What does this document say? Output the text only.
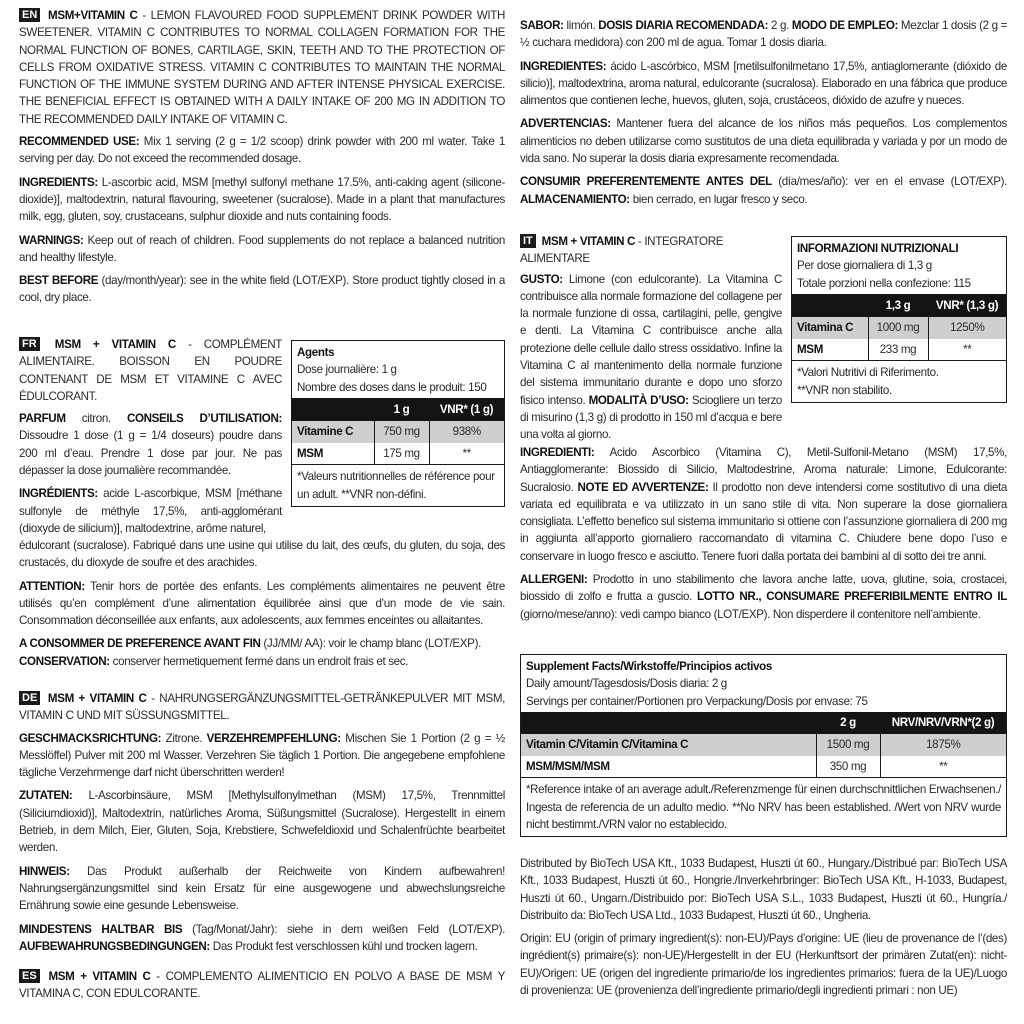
EN MSM+VITAMIN C - LEMON FLAVOURED FOOD SUPPLEMENT DRINK POWDER WITH SWEETENER. VITAMIN C CONTRIBUTES TO NORMAL COLLAGEN FORMATION FOR THE NORMAL FUNCTION OF BONES, CARTILAGE, SKIN, TEETH AND TO THE PROTECTION OF CELLS FROM OXIDATIVE STRESS. VITAMIN C CONTRIBUTES TO MAINTAIN THE NORMAL FUNCTION OF THE IMMUNE SYSTEM DURING AND AFTER INTENSE PHYSICAL EXERCISE. THE BENEFICIAL EFFECT IS OBTAINED WITH A DAILY INTAKE OF 200 MG IN ADDITION TO THE RECOMMENDED DAILY INTAKE OF VITAMIN C.

RECOMMENDED USE: Mix 1 serving (2 g = 1/2 scoop) drink powder with 200 ml water. Take 1 serving per day. Do not exceed the recommended dosage.

INGREDIENTS: L-ascorbic acid, MSM [methyl sulfonyl methane 17.5%, anti-caking agent (silicone-dioxide)], maltodextrin, natural flavouring, sweetener (sucralose). Made in a plant that manufactures milk, egg, gluten, soy, crustaceans, sulphur dioxide and nuts containing foods.

WARNINGS: Keep out of reach of children. Food supplements do not replace a balanced nutrition and healthy lifestyle.

BEST BEFORE (day/month/year): see in the white field (LOT/EXP). Store product tightly closed in a cool, dry place.

FR MSM + VITAMIN C - COMPLÉMENT ALIMENTAIRE. BOISSON EN POUDRE CONTENANT DE MSM ET VITAMINE C AVEC ÉDULCORANT.

PARFUM citron. CONSEILS D’UTILISATION: Dissoudre 1 dose (1 g = 1/4 doseurs) poudre dans 200 ml d’eau. Prendre 1 dose par jour. Ne pas dépasser la dose journalière recommandée.

INGRÉDIENTS: acide L-ascorbique, MSM [méthane sulfonyle de méthyle 17,5%, anti-agglomérant (dioxyde de silicium)], maltodextrine, arôme naturel,

Agents
Dose journalière: 1 g
Nombre des doses dans le produit: 150
	1 g	VNR* (1 g)
Vitamine C	750 mg	938%
MSM	175 mg	**
*Valeurs nutritionnelles de référence pour un adult. **VNR non-défini.

édulcorant (sucralose). Fabriqué dans une usine qui utilise du lait, des œufs, du gluten, du soja, des crustacés, du dioxyde de soufre et des arachides.

ATTENTION: Tenir hors de portée des enfants. Les compléments alimentaires ne peuvent être utilisés qu’en complément d’une alimentation équilibrée ainsi que d’un mode de vie sain. Consommation déconseillée aux enfants, aux adolescents, aux femmes enceintes ou allaitantes.

A CONSOMMER DE PREFERENCE AVANT FIN (JJ/MM/ AA): voir le champ blanc (LOT/EXP).
CONSERVATION: conserver hermetiquement fermé dans un endroit frais et sec.

DE MSM + VITAMIN C - NAHRUNGSERGÄNZUNGSMITTEL-GETRÄNKEPULVER MIT MSM, VITAMIN C UND MIT SÜSSUNGSMITTEL.

GESCHMACKSRICHTUNG: Zitrone. VERZEHREMPFEHLUNG: Mischen Sie 1 Portion (2 g = ½ Messlöffel) Pulver mit 200 ml Wasser. Verzehren Sie täglich 1 Portion. Die angegebene empfohlene tägliche Verzehrmenge darf nicht überschritten werden!

ZUTATEN: L-Ascorbinsäure, MSM [Methylsulfonylmethan (MSM) 17,5%, Trennmittel (Siliciumdioxid)], Maltodextrin, natürliches Aroma, Süßungsmittel (Sucralose). Hergestellt in einem Betrieb, in dem Milch, Eier, Gluten, Soja, Krebstiere, Schwefeldioxid und Schalenfrüchte bearbeitet werden.

HINWEIS: Das Produkt außerhalb der Reichweite von Kindern aufbewahren! Nahrungsergänzungsmittel sind kein Ersatz für eine ausgewogene und abwechslungsreiche Ernährung sowie eine gesunde Lebensweise.

MINDESTENS HALTBAR BIS (Tag/Monat/Jahr): siehe in dem weißen Feld (LOT/EXP). AUFBEWAHRUNGSBEDINGUNGEN: Das Produkt fest verschlossen kühl und trocken lagern.

ES MSM + VITAMIN C - COMPLEMENTO ALIMENTICIO EN POLVO A BASE DE MSM Y VITAMINA C, CON EDULCORANTE.

SABOR: limón. DOSIS DIARIA RECOMENDADA: 2 g. MODO DE EMPLEO: Mezclar 1 dosis (2 g = ½ cuchara medidora) con 200 ml de agua. Tomar 1 dosis diaria.

INGREDIENTES: ácido L-ascórbico, MSM [metilsulfonilmetano 17,5%, antiaglomerante (dióxido de silicio)], maltodextrina, aroma natural, edulcorante (sucralosa). Elaborado en una fábrica que produce alimentos que contienen leche, huevos, gluten, soja, crustáceos, dióxido de azufre y nueces.

ADVERTENCIAS: Mantener fuera del alcance de los niños más pequeños. Los complementos alimenticios no deben utilizarse como sustitutos de una dieta equilibrada y variada y por un modo de vida sano. No superar la dosis diaria expresamente recomendada.

CONSUMIR PREFERENTEMENTE ANTES DEL (día/mes/año): ver en el envase (LOT/EXP). ALMACENAMIENTO: bien cerrado, en lugar fresco y seco.

IT MSM + VITAMIN C - INTEGRATORE ALIMENTARE

GUSTO: Limone (con edulcorante). La Vitamina C contribuisce alla normale formazione del collagene per la normale funzione di ossa, cartilagini, pelle, gengive e denti. La Vitamina C contribuisce anche alla protezione delle cellule dallo stress ossidativo. Infine la Vitamina C al mantenimento della normale funzione del sistema immunitario durante e dopo uno sforzo fisico intenso. MODALITÀ D’USO: Sciogliere un terzo di misurino (1,3 g) di prodotto in 150 ml d’acqua e bere una volta al giorno.

INFORMAZIONI NUTRIZIONALI
Per dose giornaliera di 1,3 g
Totale porzioni nella confezione: 115
	1,3 g	VNR* (1,3 g)
Vitamina C	1000 mg	1250%
MSM	233 mg	**
*Valori Nutritivi di Riferimento.
**VNR non stabilito.

INGREDIENTI: Acido Ascorbico (Vitamina C), Metil-Sulfonil-Metano (MSM) 17,5%, Antiagglomerante: Biossido di Silicio, Maltodestrine, Aroma naturale: Limone, Edulcorante: Sucralosio. NOTE ED AVVERTENZE: Il prodotto non deve intendersi come sostitutivo di una dieta variata ed equilibrata e va utilizzato in un sano stile di vita. Non superare la dose giornaliera consigliata. L’effetto benefico sul sistema immunitario si ottiene con l’assunzione giornaliera di 200 mg in aggiunta all’apporto giornaliero raccomandato di vitamina C. Chiudere bene dopo l’uso e conservare in luogo fresco e asciutto. Tenere fuori dalla portata dei bambini al di sotto dei tre anni.

ALLERGENI: Prodotto in uno stabilimento che lavora anche latte, uova, glutine, soia, crostacei, biossido di zolfo e frutta a guscio. LOTTO NR., CONSUMARE PREFERIBILMENTE ENTRO IL (giorno/mese/anno): vedi campo bianco (LOT/EXP). Non disperdere il contenitore nell’ambiente.

Supplement Facts/Wirkstoffe/Principios activos
Daily amount/Tagesdosis/Dosis diaria: 2 g
Servings per container/Portionen pro Verpackung/Dosis por envase: 75
	2 g	NRV/NRV/VRN*(2 g)
Vitamin C/Vitamin C/Vitamina C	1500 mg	1875%
MSM/MSM/MSM	350 mg	**
*Reference intake of an average adult./Referenzmenge für einen durchschnittlichen Erwachsenen./ Ingesta de referencia de un adulto medio. **No NRV has been established. /Wert von NRV wurde nicht bestimmt./VRN valor no establecido.

Distributed by BioTech USA Kft., 1033 Budapest, Huszti út 60., Hungary./Distribué par: BioTech USA Kft., 1033 Budapest, Huszti út 60., Hongrie./Inverkehrbringer: BioTech USA Kft., H-1033, Budapest, Huszti út 60., Ungarn./Distribuido por: BioTech USA S.L., 1033 Budapest, Huszti út 60., Hungría./ Distribuito da: BioTech USA Ltd., 1033 Budapest, Huszti út 60., Ungheria.

Origin: EU (origin of primary ingredient(s): non-EU)/Pays d’origine: UE (lieu de provenance de l’(des) ingrédient(s) primaire(s): non-UE)/Hergestellt in der EU (Herkunftsort der primären Zutat(en): nicht-EU)/Origen: UE (origen del ingrediente primario/de los ingredientes primarios: fuera de la UE)/Luogo di provenienza: UE (provenienza dell’ingrediente primario/degli ingredienti primari : non UE)
